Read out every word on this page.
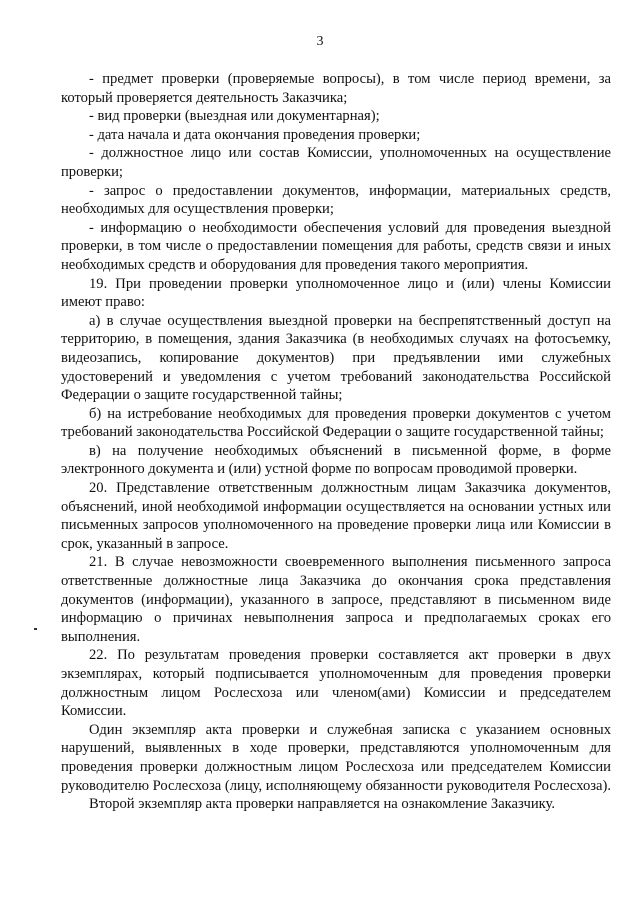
3

- предмет проверки (проверяемые вопросы), в том числе период времени, за который проверяется деятельность Заказчика;

- вид проверки (выездная или документарная);

- дата начала и дата окончания проведения проверки;

- должностное лицо или состав Комиссии, уполномоченных на осуществление проверки;

- запрос о предоставлении документов, информации, материальных средств, необходимых для осуществления проверки;

- информацию о необходимости обеспечения условий для проведения выездной проверки, в том числе о предоставлении помещения для работы, средств связи и иных необходимых средств и оборудования для проведения такого мероприятия.

19. При проведении проверки уполномоченное лицо и (или) члены Комиссии имеют право:

а) в случае осуществления выездной проверки на беспрепятственный доступ на территорию, в помещения, здания Заказчика (в необходимых случаях на фотосъемку, видеозапись, копирование документов) при предъявлении ими служебных удостоверений и уведомления с учетом требований законодательства Российской Федерации о защите государственной тайны;

б) на истребование необходимых для проведения проверки документов с учетом требований законодательства Российской Федерации о защите государственной тайны;

в) на получение необходимых объяснений в письменной форме, в форме электронного документа и (или) устной форме по вопросам проводимой проверки.

20. Представление ответственным должностным лицам Заказчика документов, объяснений, иной необходимой информации осуществляется на основании устных или письменных запросов уполномоченного на проведение проверки лица или Комиссии в срок, указанный в запросе.

21. В случае невозможности своевременного выполнения письменного запроса ответственные должностные лица Заказчика до окончания срока представления документов (информации), указанного в запросе, представляют в письменном виде информацию о причинах невыполнения запроса и предполагаемых сроках его выполнения.

22. По результатам проведения проверки составляется акт проверки в двух экземплярах, который подписывается уполномоченным для проведения проверки должностным лицом Рослесхоза или членом(ами) Комиссии и председателем Комиссии.

Один экземпляр акта проверки и служебная записка с указанием основных нарушений, выявленных в ходе проверки, представляются уполномоченным для проведения проверки должностным лицом Рослесхоза или председателем Комиссии руководителю Рослесхоза (лицу, исполняющему обязанности руководителя Рослесхоза).

Второй экземпляр акта проверки направляется на ознакомление Заказчику.
